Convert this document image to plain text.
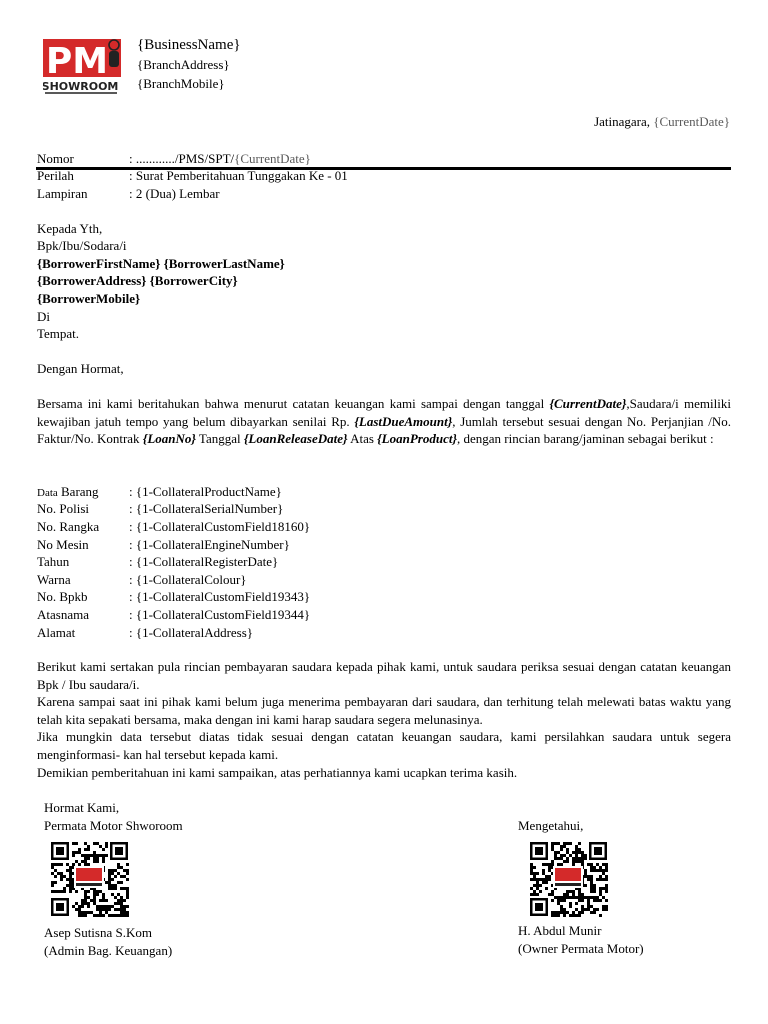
PM
SHOWROOM
{BusinessName}
{BranchAddress}
{BranchMobile}
Jatinagara, {CurrentDate}
Nomor	: ............/PMS/SPT/{CurrentDate}
Perilah	: Surat Pemberitahuan Tunggakan Ke - 01
Lampiran	: 2 (Dua) Lembar
Kepada Yth,
Bpk/Ibu/Sodara/i
{BorrowerFirstName} {BorrowerLastName}
{BorrowerAddress} {BorrowerCity}
{BorrowerMobile}
Di
Tempat.
Dengan Hormat,
Bersama ini kami beritahukan bahwa menurut catatan keuangan kami sampai dengan tanggal {CurrentDate},Saudara/i memiliki kewajiban jatuh tempo yang belum dibayarkan senilai Rp. {LastDueAmount}, Jumlah tersebut sesuai dengan No. Perjanjian /No. Faktur/No. Kontrak {LoanNo} Tanggal {LoanReleaseDate} Atas {LoanProduct}, dengan rincian barang/jaminan sebagai berikut :
Data Barang : {1-CollateralProductName}
No. Polisi	: {1-CollateralSerialNumber}
No. Rangka : {1-CollateralCustomField18160}
No Mesin	: {1-CollateralEngineNumber}
Tahun	: {1-CollateralRegisterDate}
Warna	: {1-CollateralColour}
No. Bpkb	: {1-CollateralCustomField19343}
Atasnama	: {1-CollateralCustomField19344}
Alamat	: {1-CollateralAddress}
Berikut kami sertakan pula rincian pembayaran saudara kepada pihak kami, untuk saudara periksa sesuai dengan catatan keuangan Bpk / Ibu saudara/i.
Karena sampai saat ini pihak kami belum juga menerima pembayaran dari saudara, dan terhitung telah melewati batas waktu yang telah kita sepakati bersama, maka dengan ini kami harap saudara segera melunasinya.
Jika mungkin data tersebut diatas tidak sesuai dengan catatan keuangan saudara, kami persilahkan saudara untuk segera menginformasi- kan hal tersebut kepada kami.
Demikian pemberitahuan ini kami sampaikan, atas perhatiannya kami ucapkan terima kasih.
Hormat Kami,
Permata Motor Shworoom	Mengetahui,
Asep Sutisna S.Kom
(Admin Bag. Keuangan)
H. Abdul Munir
(Owner Permata Motor)
